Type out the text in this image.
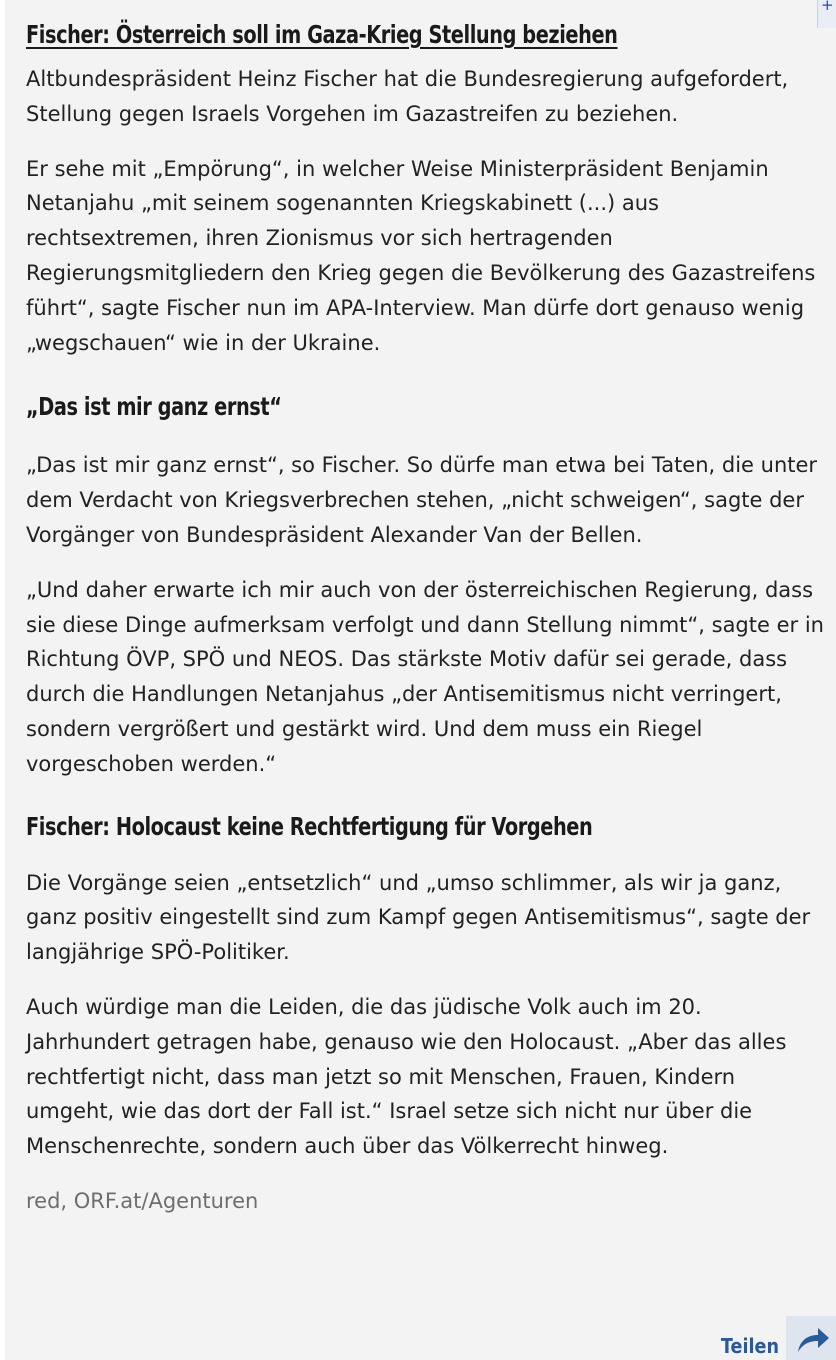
+
Fischer: Österreich soll im Gaza-Krieg Stellung beziehen

Altbundespräsident Heinz Fischer hat die Bundesregierung aufgefordert, Stellung gegen Israels Vorgehen im Gazastreifen zu beziehen.

Er sehe mit „Empörung“, in welcher Weise Ministerpräsident Benjamin Netanjahu „mit seinem sogenannten Kriegskabinett (...) aus rechtsextremen, ihren Zionismus vor sich hertragenden Regierungsmitgliedern den Krieg gegen die Bevölkerung des Gazastreifens führt“, sagte Fischer nun im APA-Interview. Man dürfe dort genauso wenig „wegschauen“ wie in der Ukraine.

„Das ist mir ganz ernst“

„Das ist mir ganz ernst“, so Fischer. So dürfe man etwa bei Taten, die unter dem Verdacht von Kriegsverbrechen stehen, „nicht schweigen“, sagte der Vorgänger von Bundespräsident Alexander Van der Bellen.

„Und daher erwarte ich mir auch von der österreichischen Regierung, dass sie diese Dinge aufmerksam verfolgt und dann Stellung nimmt“, sagte er in Richtung ÖVP, SPÖ und NEOS. Das stärkste Motiv dafür sei gerade, dass durch die Handlungen Netanjahus „der Antisemitismus nicht verringert, sondern vergrößert und gestärkt wird. Und dem muss ein Riegel vorgeschoben werden.“

Fischer: Holocaust keine Rechtfertigung für Vorgehen

Die Vorgänge seien „entsetzlich“ und „umso schlimmer, als wir ja ganz, ganz positiv eingestellt sind zum Kampf gegen Antisemitismus“, sagte der langjährige SPÖ-Politiker.

Auch würdige man die Leiden, die das jüdische Volk auch im 20. Jahrhundert getragen habe, genauso wie den Holocaust. „Aber das alles rechtfertigt nicht, dass man jetzt so mit Menschen, Frauen, Kindern umgeht, wie das dort der Fall ist.“ Israel setze sich nicht nur über die Menschenrechte, sondern auch über das Völkerrecht hinweg.

red, ORF.at/Agenturen
Teilen
